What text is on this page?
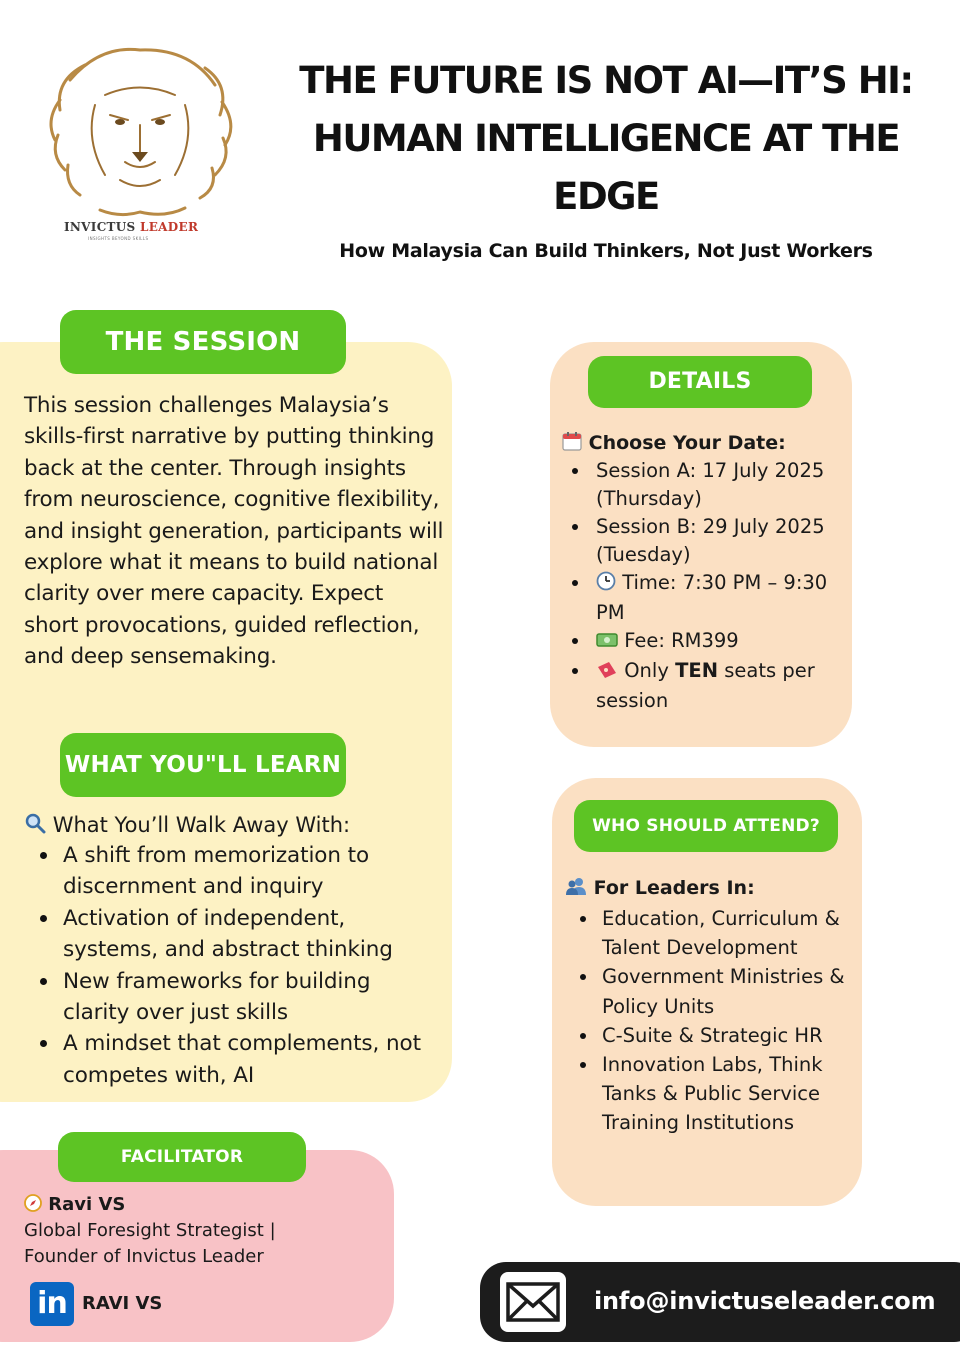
INVICTUS LEADER
INSIGHTS BEYOND SKILLS
THE FUTURE IS NOT AI—IT’S HI:
HUMAN INTELLIGENCE AT THE
EDGE
How Malaysia Can Build Thinkers, Not Just Workers
THE SESSION
This session challenges Malaysia’s skills-first narrative by putting thinking back at the center. Through insights from neuroscience, cognitive flexibility, and insight generation, participants will explore what it means to build national clarity over mere capacity. Expect short provocations, guided reflection, and deep sensemaking.
WHAT YOU"LL LEARN
What You’ll Walk Away With:
A shift from memorization to discernment and inquiry
Activation of independent, systems, and abstract thinking
New frameworks for building clarity over just skills
A mindset that complements, not competes with, AI
DETAILS
Choose Your Date:
Session A: 17 July 2025 (Thursday)
Session B: 29 July 2025 (Tuesday)
Time: 7:30 PM – 9:30 PM
Fee: RM399
Only TEN seats per session
WHO SHOULD ATTEND?
For Leaders In:
Education, Curriculum & Talent Development
Government Ministries & Policy Units
C-Suite & Strategic HR
Innovation Labs, Think Tanks & Public Service Training Institutions
FACILITATOR
Ravi VS
Global Foresight Strategist | Founder of Invictus Leader
in RAVI VS	info@invictuseleader.com
